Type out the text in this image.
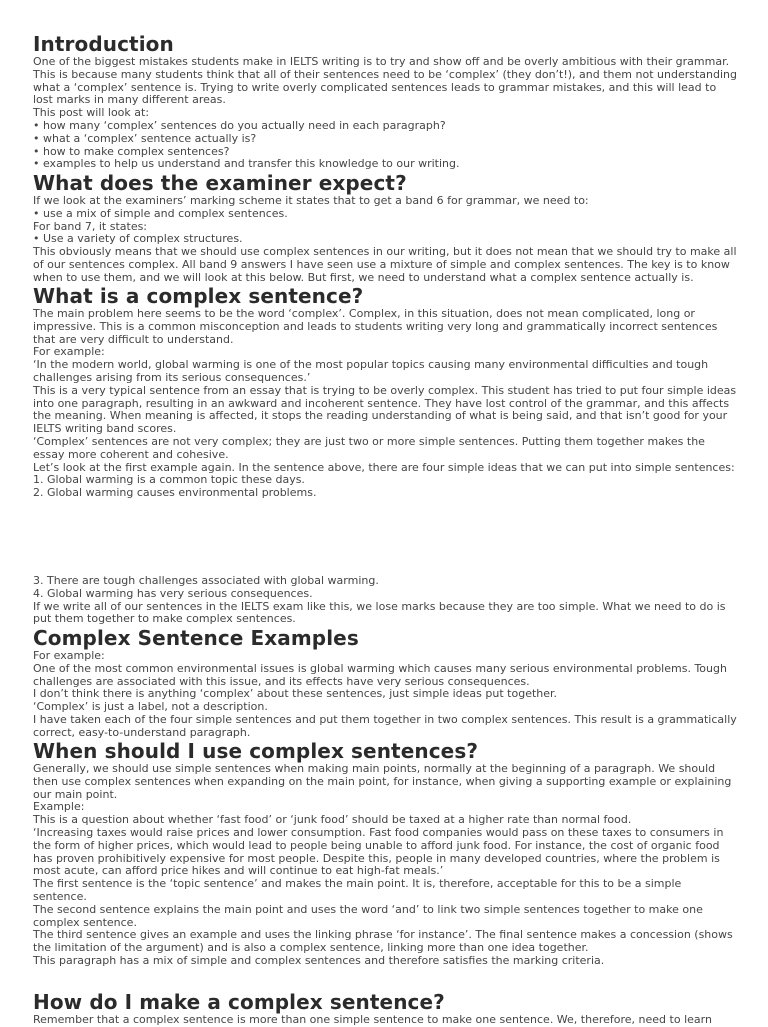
Introduction

One of the biggest mistakes students make in IELTS writing is to try and show off and be overly ambitious with their grammar. This is because many students think that all of their sentences need to be ‘complex’ (they don’t!), and them not understanding what a ‘complex’ sentence is. Trying to write overly complicated sentences leads to grammar mistakes, and this will lead to lost marks in many different areas.

This post will look at:

• how many ‘complex’ sentences do you actually need in each paragraph?

• what a ‘complex’ sentence actually is?

• how to make complex sentences?

• examples to help us understand and transfer this knowledge to our writing.

What does the examiner expect?

If we look at the examiners’ marking scheme it states that to get a band 6 for grammar, we need to:

• use a mix of simple and complex sentences.

For band 7, it states:

• Use a variety of complex structures.

This obviously means that we should use complex sentences in our writing, but it does not mean that we should try to make all of our sentences complex. All band 9 answers I have seen use a mixture of simple and complex sentences. The key is to know when to use them, and we will look at this below. But first, we need to understand what a complex sentence actually is.

What is a complex sentence?

The main problem here seems to be the word ‘complex’. Complex, in this situation, does not mean complicated, long or impressive. This is a common misconception and leads to students writing very long and grammatically incorrect sentences that are very difficult to understand.

For example:

‘In the modern world, global warming is one of the most popular topics causing many environmental difficulties and tough challenges arising from its serious consequences.’

This is a very typical sentence from an essay that is trying to be overly complex. This student has tried to put four simple ideas into one paragraph, resulting in an awkward and incoherent sentence. They have lost control of the grammar, and this affects the meaning. When meaning is affected, it stops the reading understanding of what is being said, and that isn’t good for your IELTS writing band scores.

‘Complex’ sentences are not very complex; they are just two or more simple sentences. Putting them together makes the essay more coherent and cohesive.

Let’s look at the first example again. In the sentence above, there are four simple ideas that we can put into simple sentences:

1. Global warming is a common topic these days.

2. Global warming causes environmental problems.

3. There are tough challenges associated with global warming.

4. Global warming has very serious consequences.

If we write all of our sentences in the IELTS exam like this, we lose marks because they are too simple. What we need to do is put them together to make complex sentences.

Complex Sentence Examples

For example:

One of the most common environmental issues is global warming which causes many serious environmental problems. Tough challenges are associated with this issue, and its effects have very serious consequences.

I don’t think there is anything ‘complex’ about these sentences, just simple ideas put together.

‘Complex’ is just a label, not a description.

I have taken each of the four simple sentences and put them together in two complex sentences. This result is a grammatically correct, easy-to-understand paragraph.

When should I use complex sentences?

Generally, we should use simple sentences when making main points, normally at the beginning of a paragraph. We should then use complex sentences when expanding on the main point, for instance, when giving a supporting example or explaining our main point.

Example:

This is a question about whether ‘fast food’ or ‘junk food’ should be taxed at a higher rate than normal food.

‘Increasing taxes would raise prices and lower consumption. Fast food companies would pass on these taxes to consumers in the form of higher prices, which would lead to people being unable to afford junk food. For instance, the cost of organic food has proven prohibitively expensive for most people. Despite this, people in many developed countries, where the problem is most acute, can afford price hikes and will continue to eat high-fat meals.’

The first sentence is the ‘topic sentence’ and makes the main point. It is, therefore, acceptable for this to be a simple sentence.

The second sentence explains the main point and uses the word ‘and’ to link two simple sentences together to make one complex sentence.

The third sentence gives an example and uses the linking phrase ‘for instance’. The final sentence makes a concession (shows the limitation of the argument) and is also a complex sentence, linking more than one idea together.

This paragraph has a mix of simple and complex sentences and therefore satisfies the marking criteria.

How do I make a complex sentence?

Remember that a complex sentence is more than one simple sentence to make one sentence. We, therefore, need to learn
